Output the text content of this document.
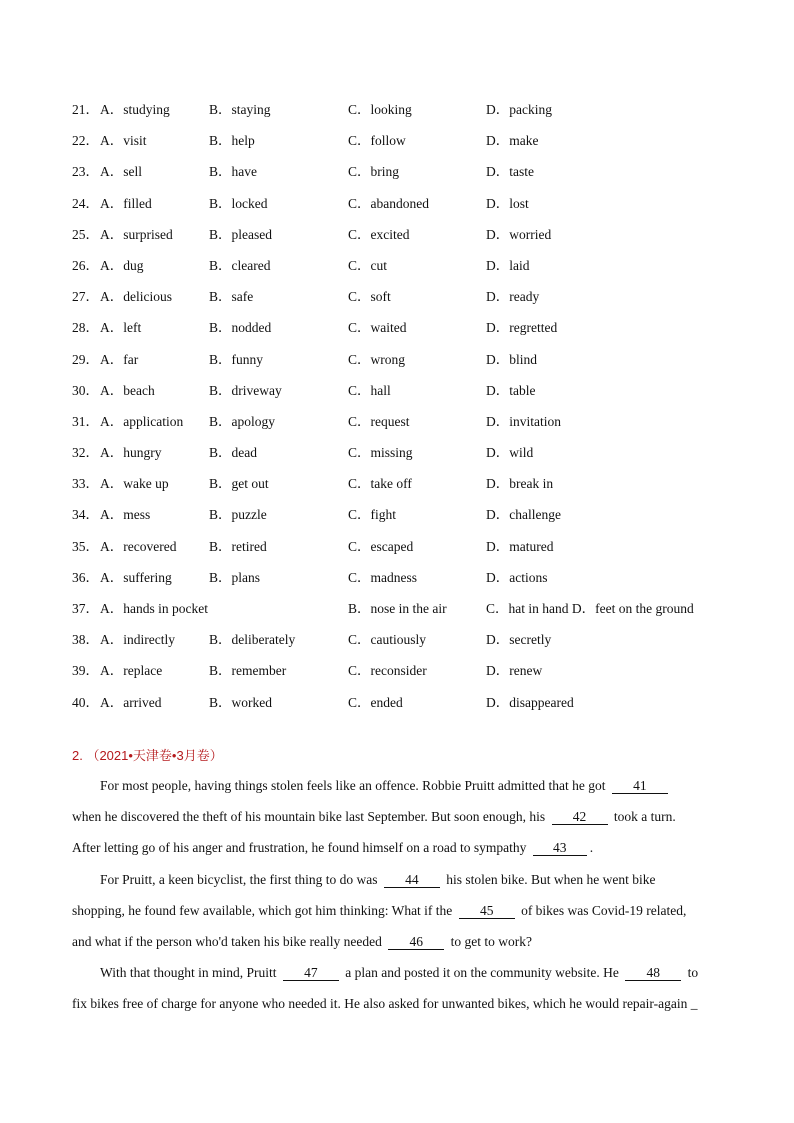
21． A．studying	B．staying	C．looking	D．packing
22． A．visit	B．help	C．follow	D．make
23． A．sell	B．have	C．bring	D．taste
24． A．filled	B．locked	C．abandoned	D．lost
25． A．surprised	B．pleased	C．excited	D．worried
26． A．dug	B．cleared	C．cut	D．laid
27． A．delicious	B．safe	C．soft	D．ready
28． A．left	B．nodded	C．waited	D．regretted
29． A．far	B．funny	C．wrong	D．blind
30． A．beach	B．driveway	C．hall	D．table
31． A．application B．apology	C．request	D．invitation
32． A．hungry	B．dead	C．missing	D．wild
33． A．wake up	B．get out	C．take off	D．break in
34． A．mess	B．puzzle	C．fight	D．challenge
35． A．recovered B．retired	C．escaped	D．matured
36． A．suffering	B．plans	C．madness	D．actions
37． A．hands in pocket	B．nose in the air	C．hat in hand D．feet on the ground
38． A．indirectly	B．deliberately	C．cautiously	D．secretly
39． A．replace	B．remember	C．reconsider	D．renew
40． A．arrived	B．worked	C．ended	D．disappeared
2. （2021•天津卷•3月卷）
For most people, having things stolen feels like an offence. Robbie Pruitt admitted that he got 41
when he discovered the theft of his mountain bike last September. But soon enough, his 42 took a turn.
After letting go of his anger and frustration, he found himself on a road to sympathy 43 .
For Pruitt, a keen bicyclist, the first thing to do was 44 his stolen bike. But when he went bike
shopping, he found few available, which got him thinking: What if the 45 of bikes was Covid-19 related,
and what if the person who'd taken his bike really needed 46 to get to work?
With that thought in mind, Pruitt 47 a plan and posted it on the community website. He 48 to
fix bikes free of charge for anyone who needed it. He also asked for unwanted bikes, which he would repair-again _
